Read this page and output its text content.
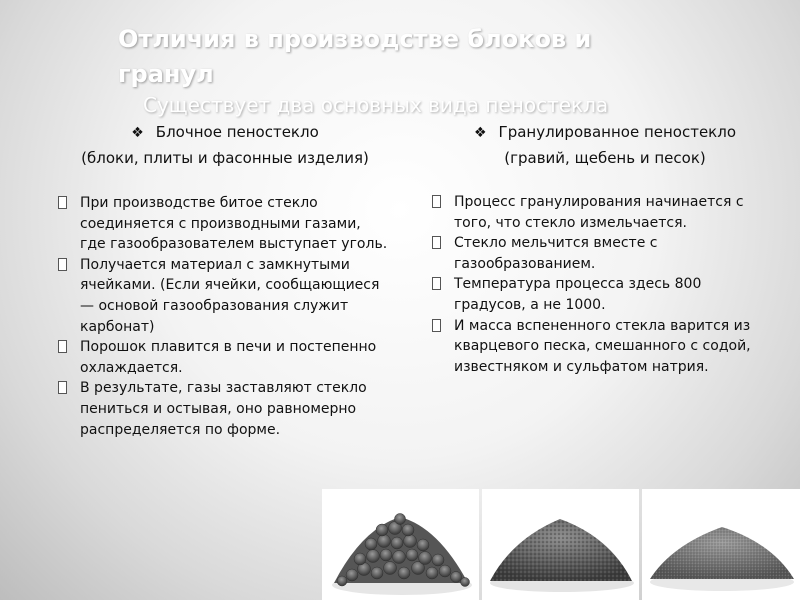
Отличия в производстве блоков и гранул

Существует два основных вида пеностекла

❖ Блочное пеностекло
(блоки, плиты и фасонные изделия)
❖ Гранулированное пеностекло
(гравий, щебень и песок)
При производстве битое стекло соединяется с производными газами, где газообразователем выступает уголь.
Получается материал с замкнутыми ячейками. (Если ячейки, сообщающиеся — основой газообразования служит карбонат)
Порошок плавится в печи и постепенно охлаждается.
В результате, газы заставляют стекло пениться и остывая, оно равномерно распределяется по форме.
Процесс гранулирования начинается с того, что стекло измельчается.
Стекло мельчится вместе с газообразованием.
Температура процесса здесь 800 градусов, а не 1000.
И масса вспененного стекла варится из кварцевого песка, смешанного с содой, известняком и сульфатом натрия.
